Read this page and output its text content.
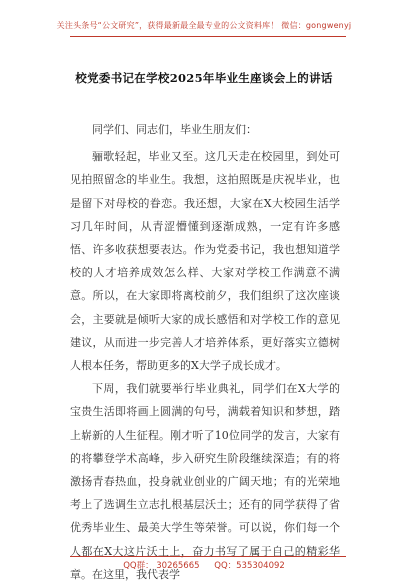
关注头条号“公文研究”，获得最新最全最专业的公文资料库！ 微信：gongwenyj
校党委书记在学校2025年毕业生座谈会上的讲话

同学们、同志们，毕业生朋友们：

骊歌轻起，毕业又至。这几天走在校园里，到处可见拍照留念的毕业生。我想，这拍照既是庆祝毕业，也是留下对母校的眷恋。我还想，大家在X大校园生活学习几年时间，从青涩懵懂到逐渐成熟，一定有许多感悟、许多收获想要表达。作为党委书记，我也想知道学校的人才培养成效怎么样、大家对学校工作满意不满意。所以，在大家即将离校前夕，我们组织了这次座谈会，主要就是倾听大家的成长感悟和对学校工作的意见建议，从而进一步完善人才培养体系，更好落实立德树人根本任务，帮助更多的X大学子成长成才。

下周，我们就要举行毕业典礼，同学们在X大学的宝贵生活即将画上圆满的句号，满载着知识和梦想，踏上崭新的人生征程。刚才听了10位同学的发言，大家有的将攀登学术高峰，步入研究生阶段继续深造；有的将激扬青春热血，投身就业创业的广阔天地；有的光荣地考上了选调生立志扎根基层沃土；还有的同学获得了省优秀毕业生、最美大学生等荣誉。可以说，你们每一个人都在X大这片沃土上，奋力书写了属于自己的精彩华章。在这里，我代表学

QQ群： 30265665 QQ：535304092
